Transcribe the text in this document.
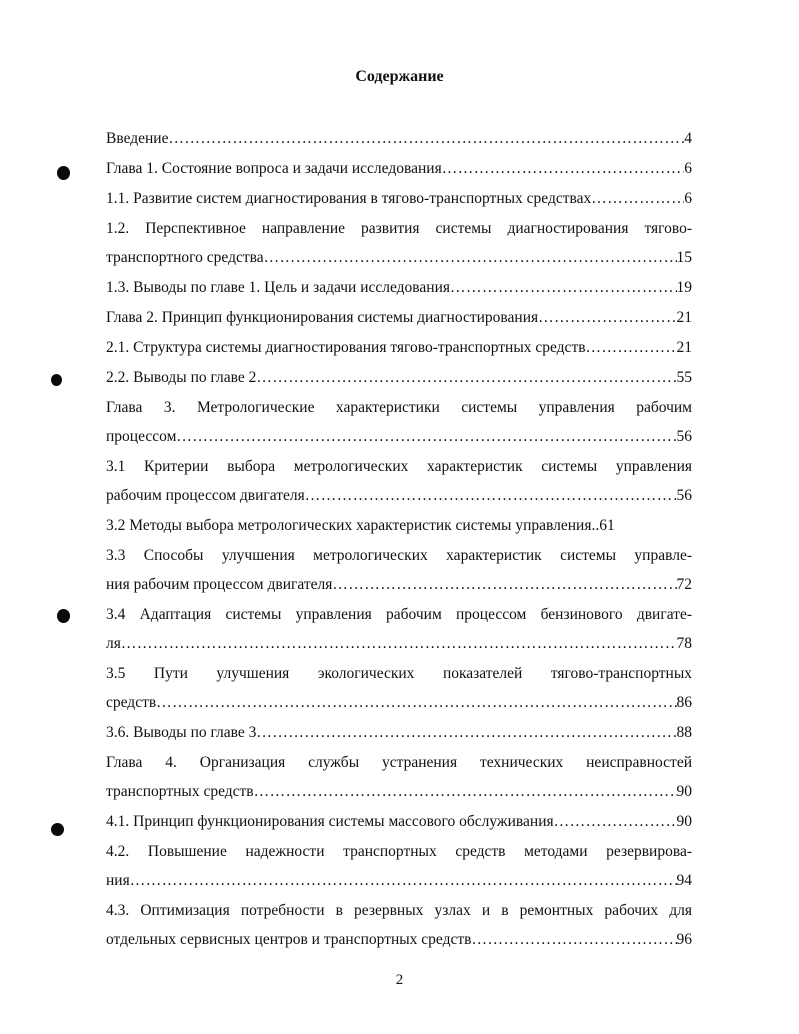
Содержание
Введение ……………………………………………………………………………………………………………………………………………………	4
Глава 1. Состояние вопроса и задачи исследования ……………………………………………………………………………………………………………………………………………………	6
1.1. Развитие систем диагностирования в тягово-транспортных средствах ……………………………………………………………………………………………………………………………………………………	6
1.2. Перспективное направление развития системы диагностирования тягово-
транспортного средства ……………………………………………………………………………………………………………………………………………………	15
1.3. Выводы по главе 1. Цель и задачи исследования ……………………………………………………………………………………………………………………………………………………	19
Глава 2. Принцип функционирования системы диагностирования ……………………………………………………………………………………………………………………………………………………	21
2.1. Структура системы диагностирования тягово-транспортных средств ……………………………………………………………………………………………………………………………………………………	21
2.2. Выводы по главе 2 ……………………………………………………………………………………………………………………………………………………	55
Глава 3. Метрологические характеристики системы управления рабочим
процессом ……………………………………………………………………………………………………………………………………………………	56
3.1 Критерии выбора метрологических характеристик системы управления
рабочим процессом двигателя ……………………………………………………………………………………………………………………………………………………	56
3.2 Методы выбора метрологических характеристик системы управления.. 61
3.3 Способы улучшения метрологических характеристик системы управле-
ния рабочим процессом двигателя ……………………………………………………………………………………………………………………………………………………	72
3.4 Адаптация системы управления рабочим процессом бензинового двигате-
ля ……………………………………………………………………………………………………………………………………………………	78
3.5 Пути улучшения экологических показателей тягово-транспортных
средств ……………………………………………………………………………………………………………………………………………………	86
3.6. Выводы по главе 3 ……………………………………………………………………………………………………………………………………………………	88
Глава 4. Организация службы устранения технических неисправностей
транспортных средств ……………………………………………………………………………………………………………………………………………………	90
4.1. Принцип функционирования системы массового обслуживания ……………………………………………………………………………………………………………………………………………………	90
4.2. Повышение надежности транспортных средств методами резервирова-
ния ……………………………………………………………………………………………………………………………………………………	94
4.3. Оптимизация потребности в резервных узлах и в ремонтных рабочих для
отдельных сервисных центров и транспортных средств ……………………………………………………………………………………………………………………………………………………	96
2
